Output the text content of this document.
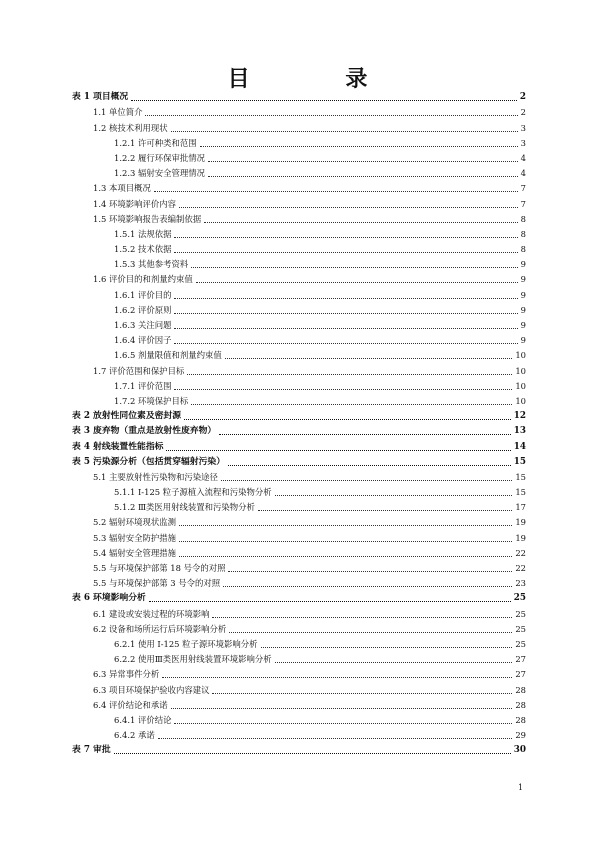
目 录
表 1 项目概况	2
1.1 单位简介	2
1.2 核技术利用现状	3
1.2.1 许可种类和范围	3
1.2.2 履行环保审批情况	4
1.2.3 辐射安全管理情况	4
1.3 本项目概况	7
1.4 环境影响评价内容	7
1.5 环境影响报告表编制依据	8
1.5.1 法规依据	8
1.5.2 技术依据	8
1.5.3 其他参考资料	9
1.6 评价目的和剂量约束值	9
1.6.1 评价目的	9
1.6.2 评价原则	9
1.6.3 关注问题	9
1.6.4 评价因子	9
1.6.5 剂量限值和剂量约束值	10
1.7 评价范围和保护目标	10
1.7.1 评价范围	10
1.7.2 环境保护目标	10
表 2 放射性同位素及密封源	12
表 3 废弃物（重点是放射性废弃物）	13
表 4 射线装置性能指标	14
表 5 污染源分析（包括贯穿辐射污染）	15
5.1 主要放射性污染物和污染途径	15
5.1.1 I-125 粒子源植入流程和污染物分析	15
5.1.2 Ⅲ类医用射线装置和污染物分析	17
5.2 辐射环境现状监测	19
5.3 辐射安全防护措施	19
5.4 辐射安全管理措施	22
5.5 与环境保护部第 18 号令的对照	22
5.5 与环境保护部第 3 号令的对照	23
表 6 环境影响分析	25
6.1 建设或安装过程的环境影响	25
6.2 设备和场所运行后环境影响分析	25
6.2.1 使用 I-125 粒子源环境影响分析	25
6.2.2 使用Ⅲ类医用射线装置环境影响分析	27
6.3 异常事件分析	27
6.3 项目环境保护验收内容建议	28
6.4 评价结论和承诺	28
6.4.1 评价结论	28
6.4.2 承诺	29
表 7 审批	30
1
